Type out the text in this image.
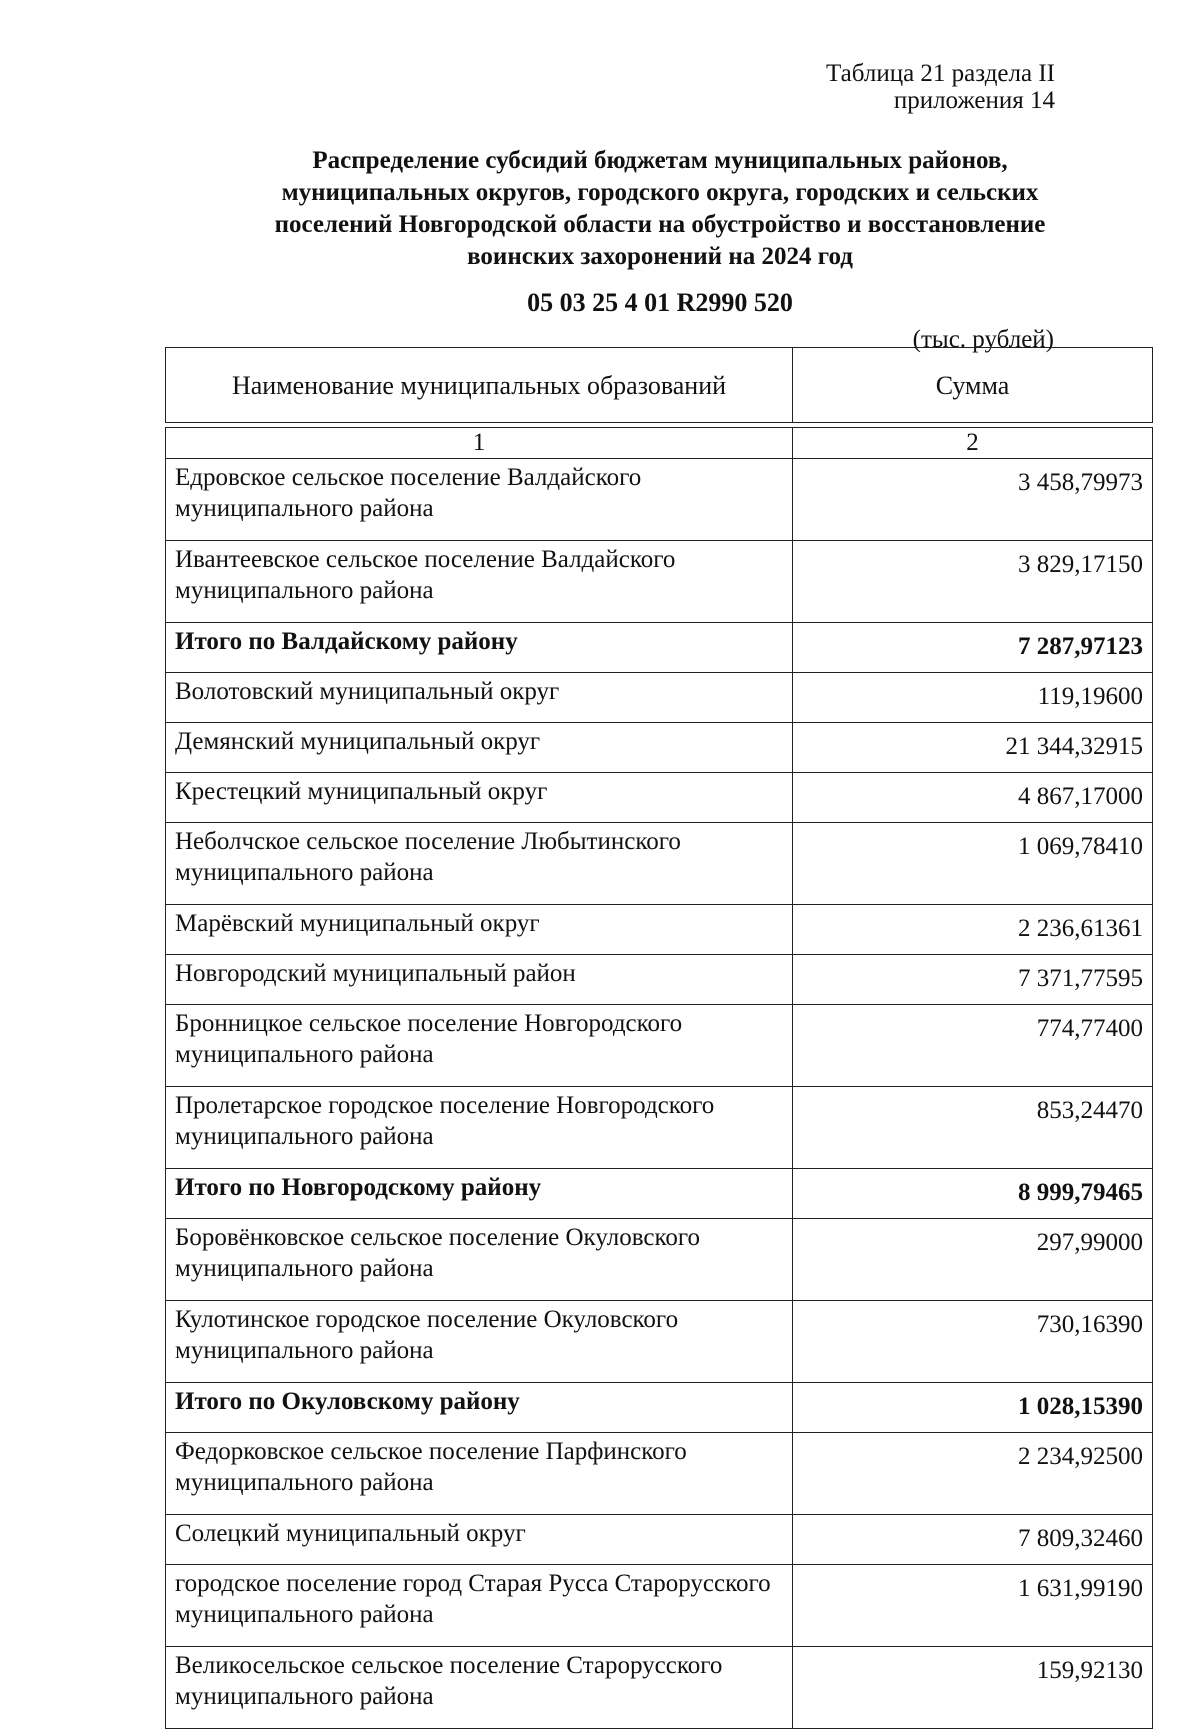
Таблица 21 раздела II
приложения 14
Распределение субсидий бюджетам муниципальных районов,
муниципальных округов, городского округа, городских и сельских
поселений Новгородской области на обустройство и восстановление
воинских захоронений на 2024 год
05 03 25 4 01 R2990 520
(тыс. рублей)
Наименование муниципальных образований	Сумма

1	2
Едровское сельское поселение Валдайского муниципального района	3 458,79973
Ивантеевское сельское поселение Валдайского муниципального района	3 829,17150
Итого по Валдайскому району	7 287,97123
Волотовский муниципальный округ	119,19600
Демянский муниципальный округ	21 344,32915
Крестецкий муниципальный округ	4 867,17000
Неболчское сельское поселение Любытинского муниципального района	1 069,78410
Марёвский муниципальный округ	2 236,61361
Новгородский муниципальный район	7 371,77595
Бронницкое сельское поселение Новгородского муниципального района	774,77400
Пролетарское городское поселение Новгородского муниципального района	853,24470
Итого по Новгородскому району	8 999,79465
Боровёнковское сельское поселение Окуловского муниципального района	297,99000
Кулотинское городское поселение Окуловского муниципального района	730,16390
Итого по Окуловскому району	1 028,15390
Федорковское сельское поселение Парфинского муниципального района	2 234,92500
Солецкий муниципальный округ	7 809,32460
городское поселение город Старая Русса Старорусского муниципального района	1 631,99190
Великосельское сельское поселение Старорусского муниципального района	159,92130
